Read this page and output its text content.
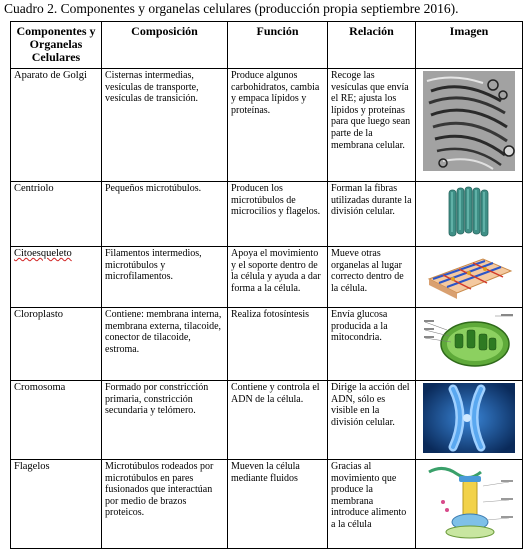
Cuadro 2. Componentes y organelas celulares (producción propia septiembre 2016).
Componentes y Organelas Celulares	Composición	Función	Relación	Imagen
Aparato de Golgi	Cisternas intermedias, vesículas de transporte, vesículas de transición.	Produce algunos carbohidratos, cambia y empaca lípidos y proteínas.	Recoge las vesículas que envía el RE; ajusta los lípidos y proteínas para que luego sean parte de la membrana celular.	

Centriolo	Pequeños microtúbulos.	Producen los microtúbulos de microcilios y flagelos.	Forman la fibras utilizadas durante la división celular.	

Citoesqueleto	Filamentos intermedios, microtúbulos y microfilamentos.	Apoya el movimiento y el soporte dentro de la célula y ayuda a dar forma a la célula.	Mueve otras organelas al lugar correcto dentro de la célula.	

Cloroplasto	Contiene: membrana interna, membrana externa, tilacoide, conector de tilacoide, estroma.	Realiza fotosíntesis	Envía glucosa producida a la mitocondria.	

Cromosoma	Formado por constricción primaria, constricción secundaria y telómero.	Contiene y controla el ADN de la célula.	Dirige la acción del ADN, sólo es visible en la división celular.	

Flagelos	Microtúbulos rodeados por microtúbulos en pares fusionados que interactúan por medio de brazos proteicos.	Mueven la célula mediante fluidos	Gracias al movimiento que produce la membrana introduce alimento a la célula	
